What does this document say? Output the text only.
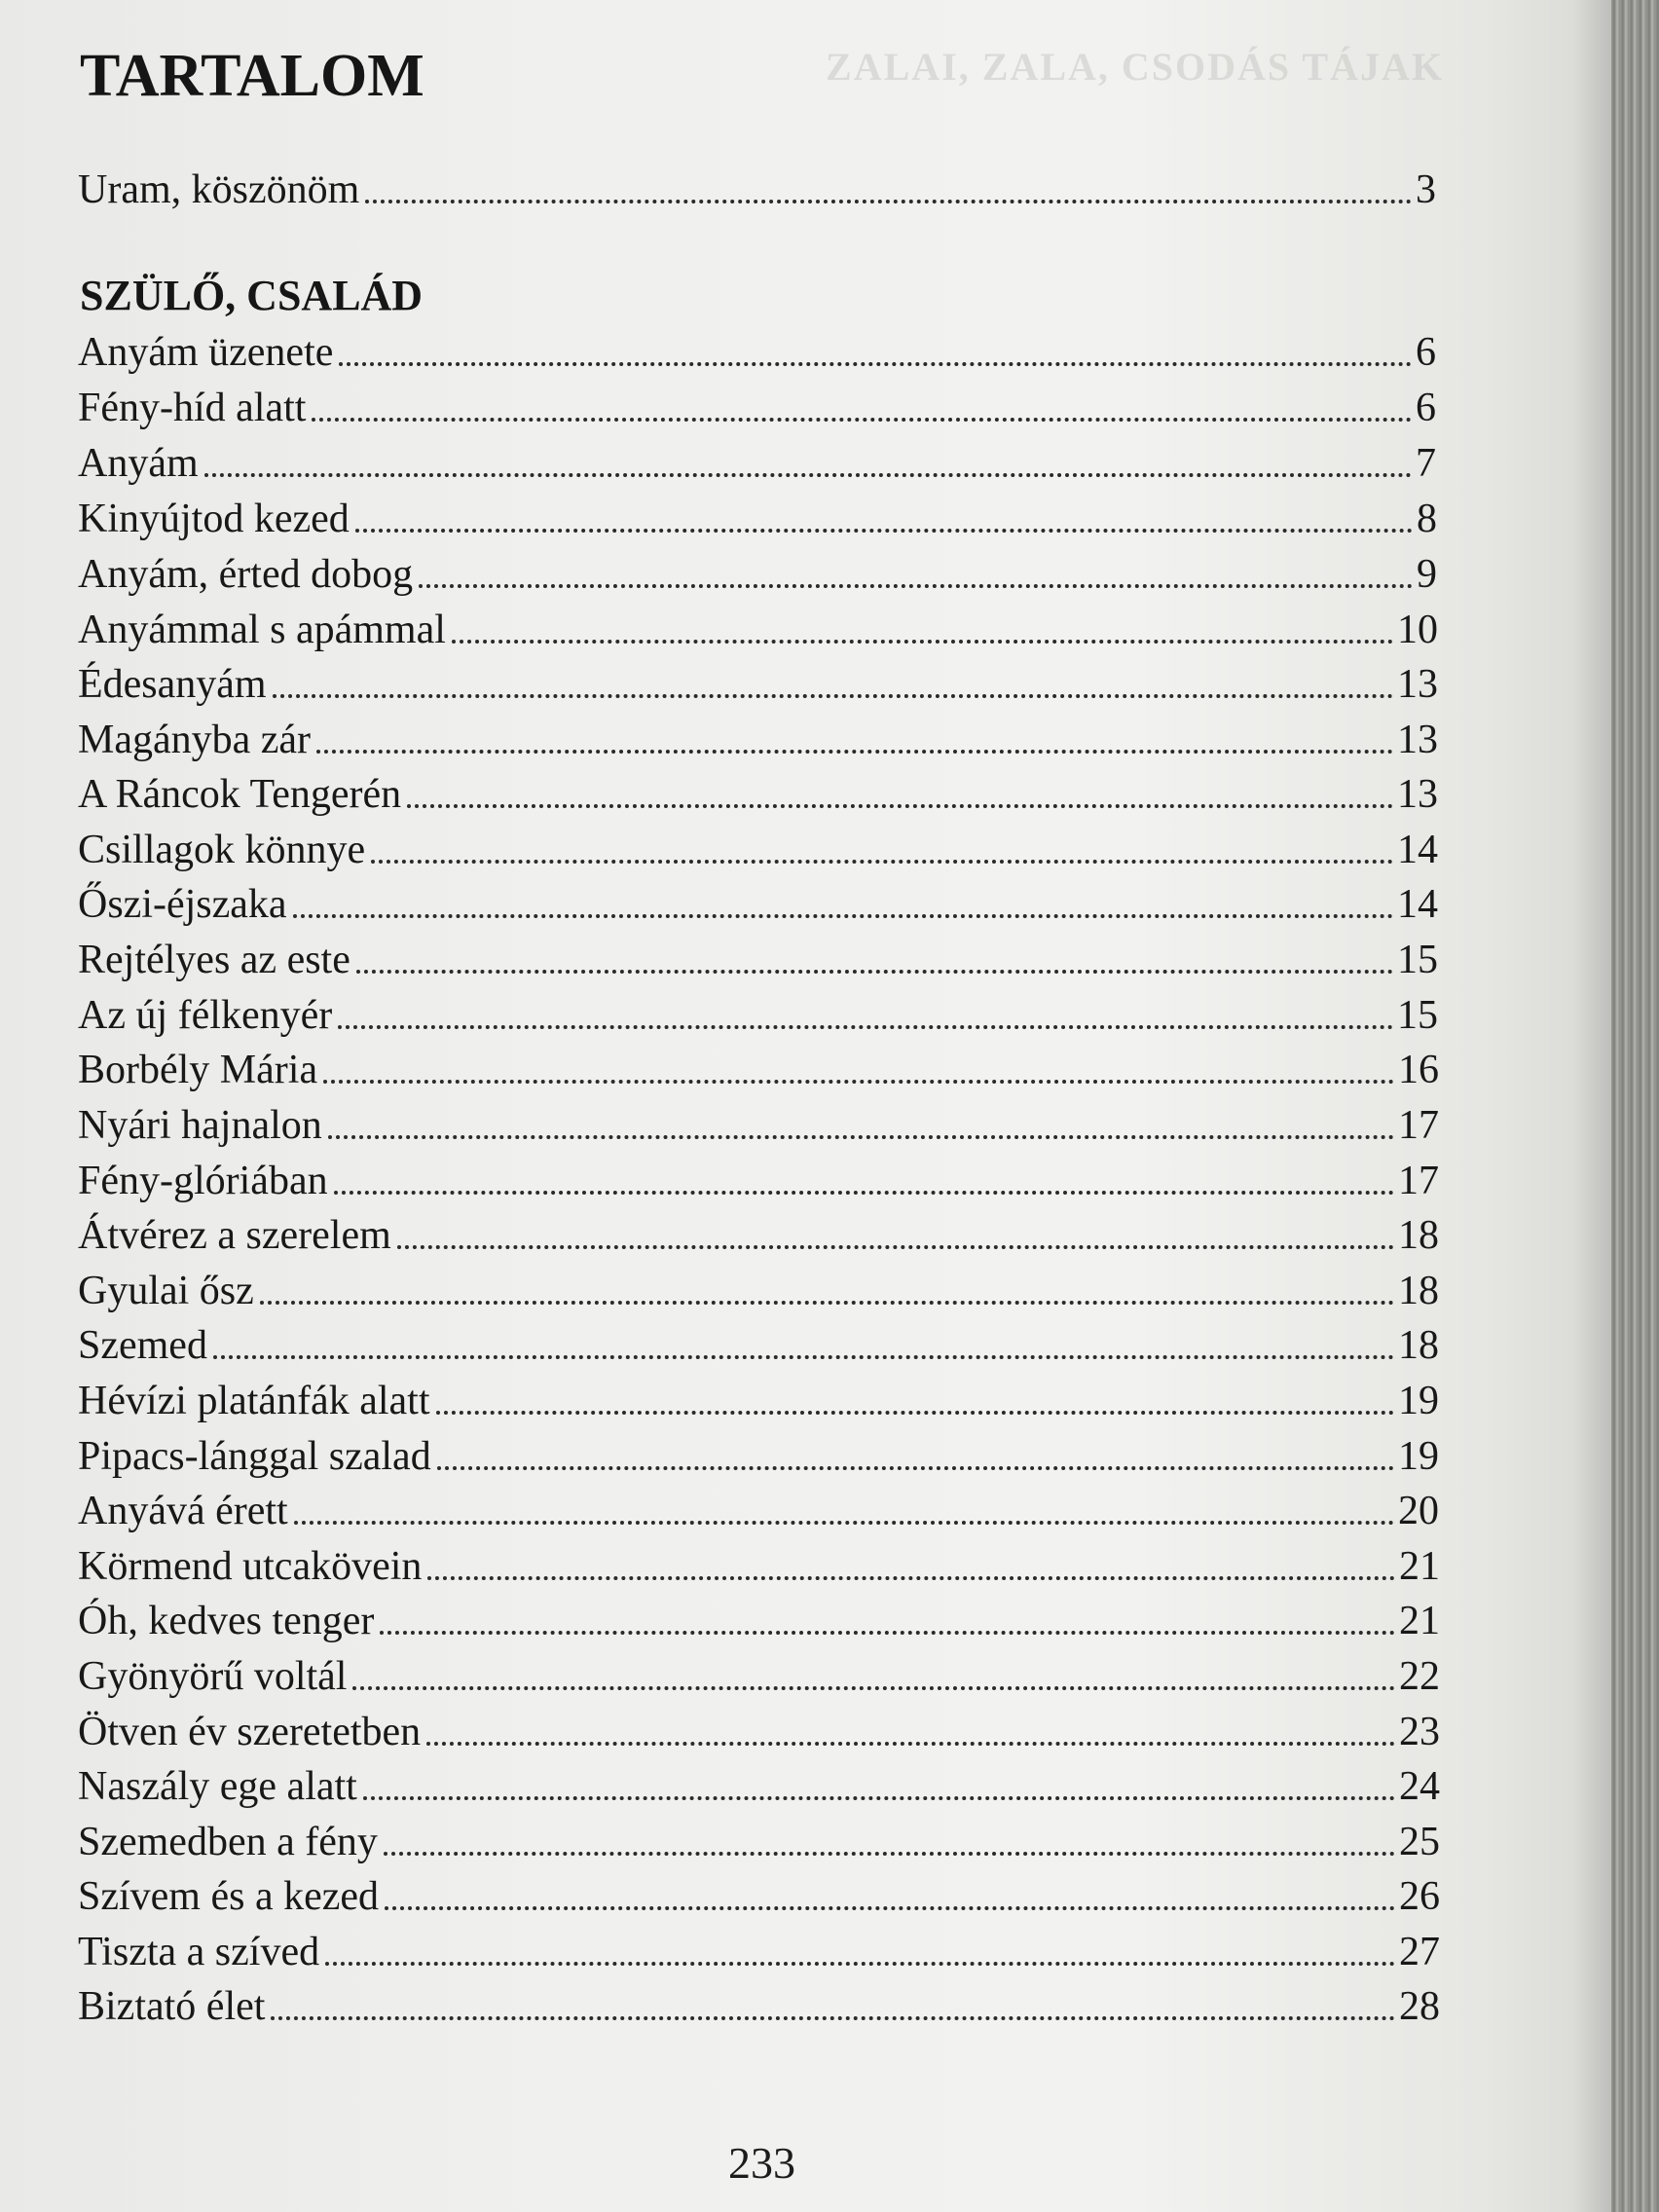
ZALAI, ZALA, CSODÁS TÁJAK
TARTALOM
Uram, köszönöm	3
SZÜLŐ, CSALÁD
Anyám üzenete	6
Fény-híd alatt	6
Anyám	7
Kinyújtod kezed	8
Anyám, érted dobog	9
Anyámmal s apámmal	10
Édesanyám	13
Magányba zár	13
A Ráncok Tengerén	13
Csillagok könnye	14
Őszi-éjszaka	14
Rejtélyes az este	15
Az új félkenyér	15
Borbély Mária	16
Nyári hajnalon	17
Fény-glóriában	17
Átvérez a szerelem	18
Gyulai ősz	18
Szemed	18
Hévízi platánfák alatt	19
Pipacs-lánggal szalad	19
Anyává érett	20
Körmend utcakövein	21
Óh, kedves tenger	21
Gyönyörű voltál	22
Ötven év szeretetben	23
Naszály ege alatt	24
Szemedben a fény	25
Szívem és a kezed	26
Tiszta a szíved	27
Biztató élet	28
233
